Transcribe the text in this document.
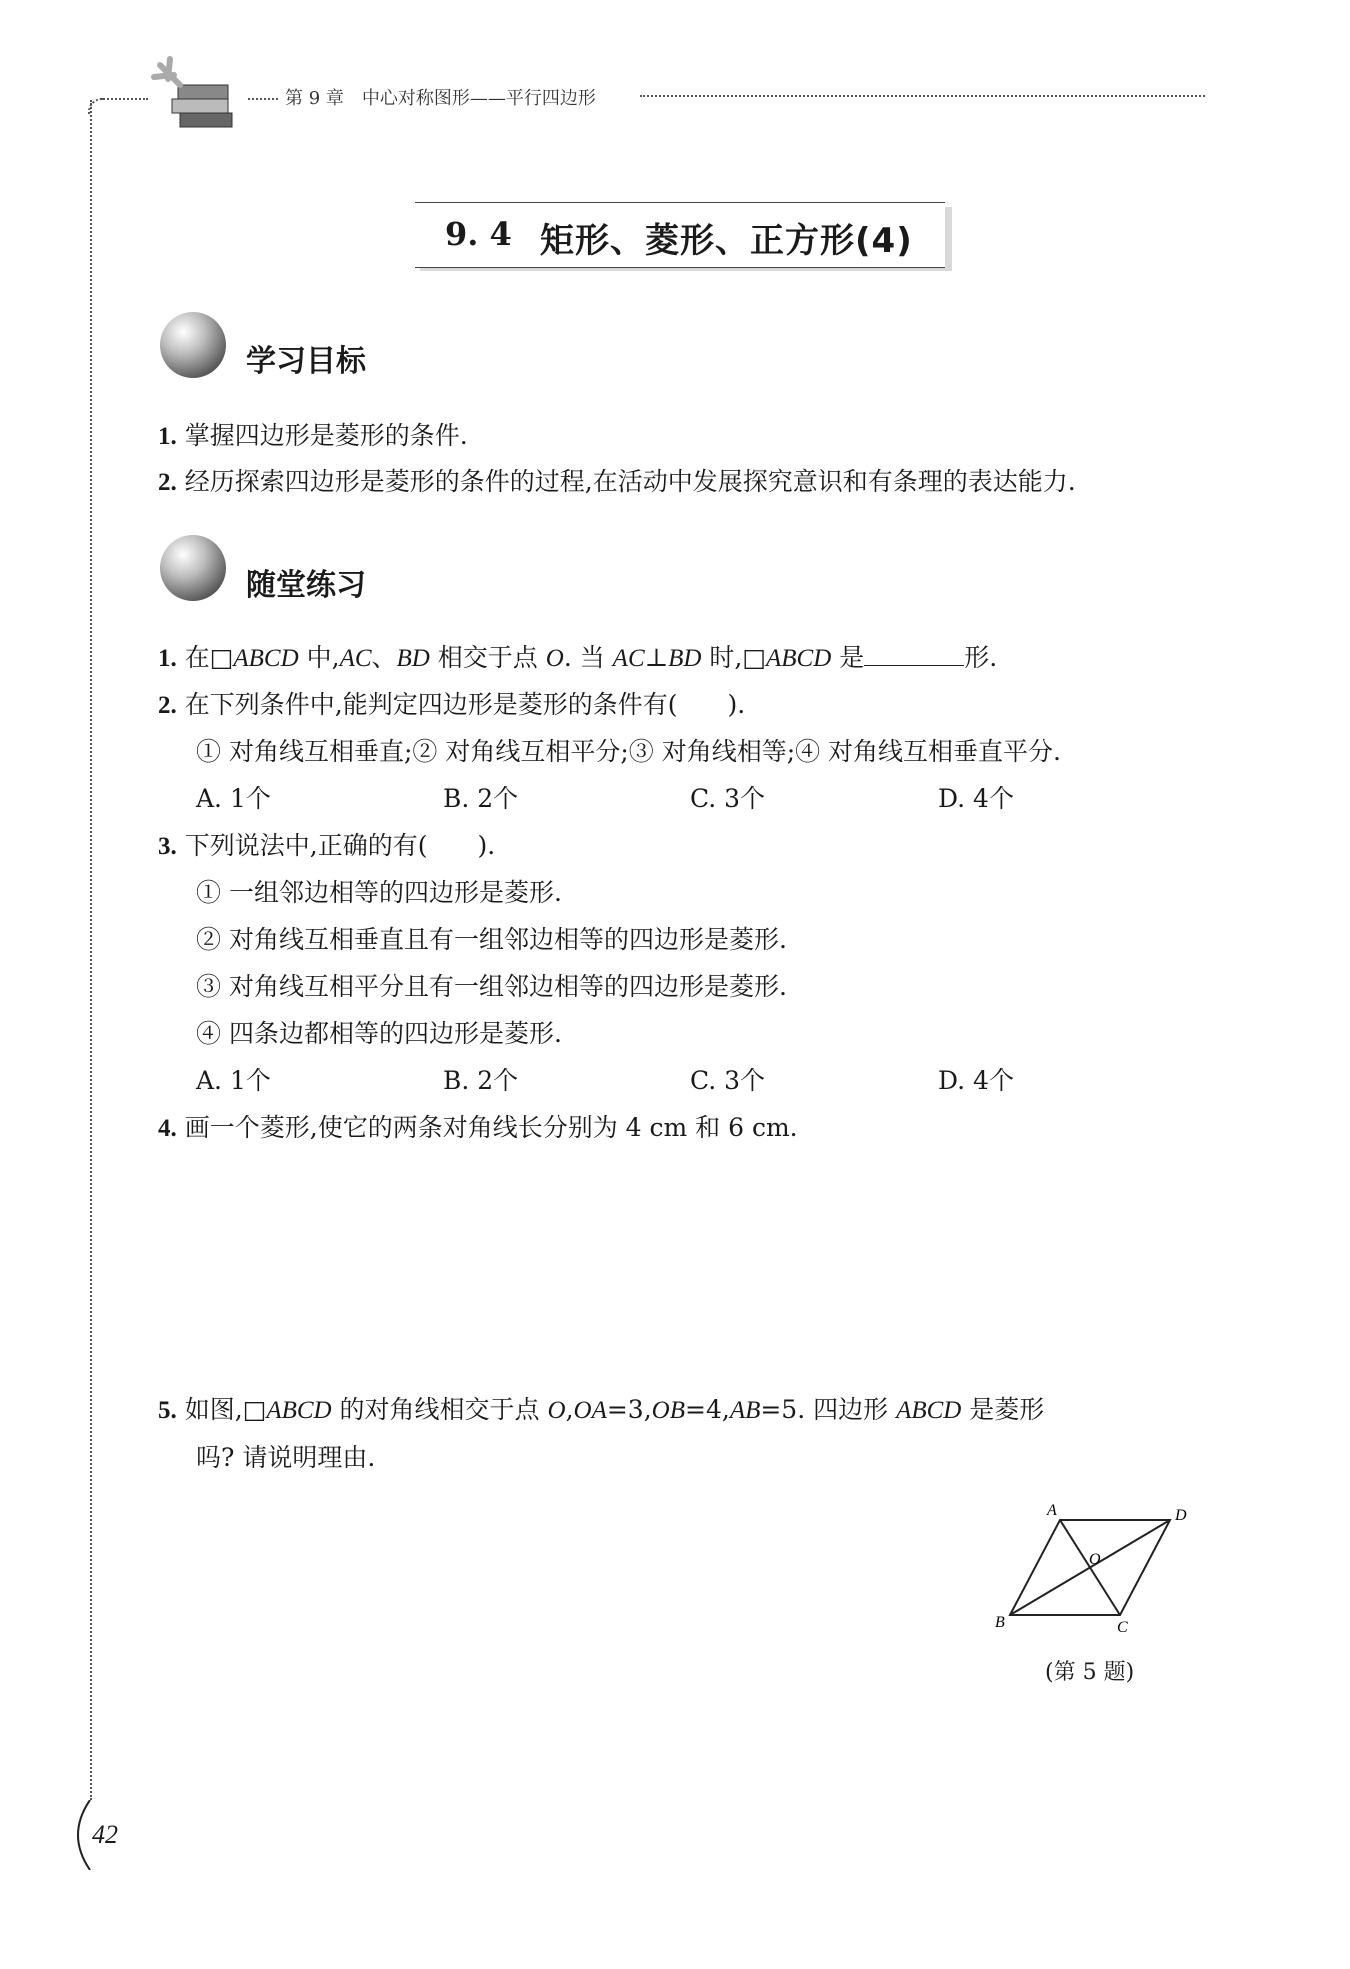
第 9 章　中心对称图形——平行四边形
9. 4 矩形、菱形、正方形(4)
学习目标
1. 掌握四边形是菱形的条件.
2. 经历探索四边形是菱形的条件的过程,在活动中发展探究意识和有条理的表达能力.
随堂练习
1. 在□ABCD 中,AC、BD 相交于点 O. 当 AC⊥BD 时,□ABCD 是	形.
2. 在下列条件中,能判定四边形是菱形的条件有(　　).
① 对角线互相垂直;② 对角线互相平分;③ 对角线相等;④ 对角线互相垂直平分.
A. 1个	B. 2个	C. 3个	D. 4个
3. 下列说法中,正确的有(　　).
① 一组邻边相等的四边形是菱形.
② 对角线互相垂直且有一组邻边相等的四边形是菱形.
③ 对角线互相平分且有一组邻边相等的四边形是菱形.
④ 四条边都相等的四边形是菱形.
A. 1个	B. 2个	C. 3个	D. 4个
4. 画一个菱形,使它的两条对角线长分别为 4 cm 和 6 cm.
5. 如图,□ABCD 的对角线相交于点 O,OA=3,OB=4,AB=5. 四边形 ABCD 是菱形
吗? 请说明理由.
A	D
B	C
O
(第 5 题)
42
